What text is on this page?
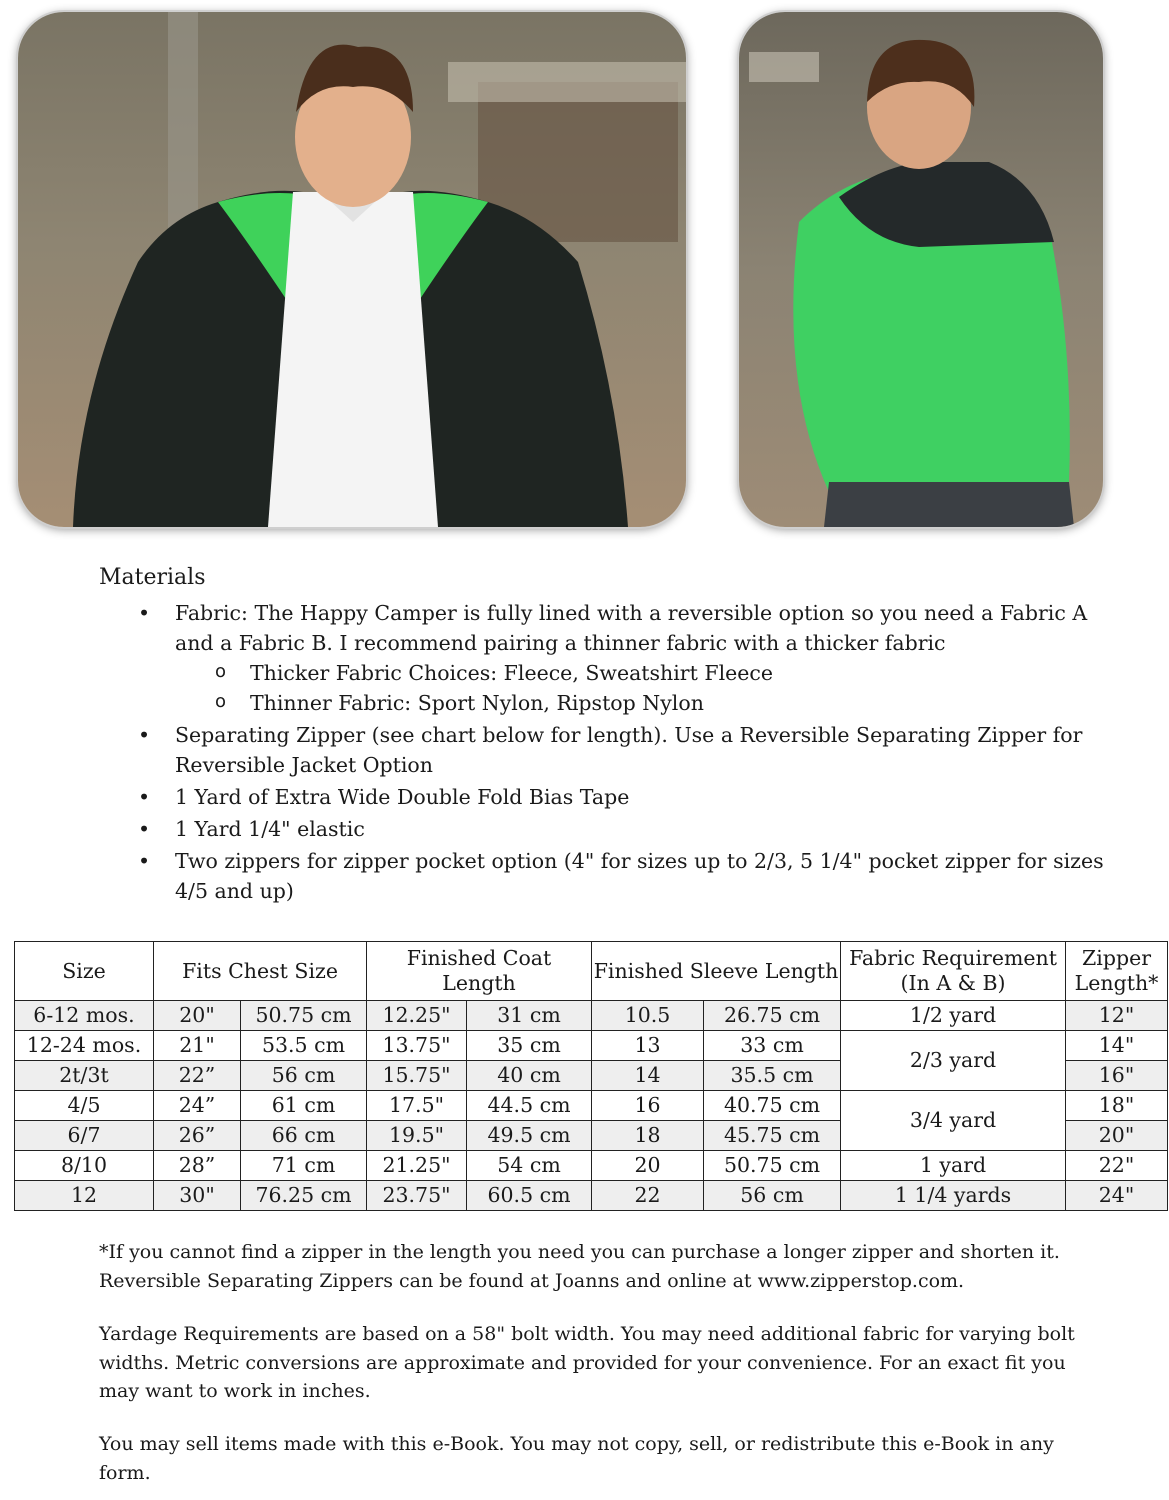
Materials
• Fabric: The Happy Camper is fully lined with a reversible option so you need a Fabric A and a Fabric B. I recommend pairing a thinner fabric with a thicker fabric
o Thicker Fabric Choices: Fleece, Sweatshirt Fleece
o Thinner Fabric: Sport Nylon, Ripstop Nylon
• Separating Zipper (see chart below for length). Use a Reversible Separating Zipper for Reversible Jacket Option
• 1 Yard of Extra Wide Double Fold Bias Tape
• 1 Yard 1/4" elastic
• Two zippers for zipper pocket option (4" for sizes up to 2/3, 5 1/4" pocket zipper for sizes 4/5 and up)
Size	Fits Chest Size		Finished Coat Length		Finished Sleeve Length		Fabric Requirement (In A & B)	Zipper Length*
6-12 mos.	20"	50.75 cm	12.25"	31 cm	10.5	26.75 cm	1/2 yard	12"
12-24 mos.	21"	53.5 cm	13.75"	35 cm	13	33 cm	2/3 yard	14"
2t/3t	22”	56 cm	15.75"	40 cm	14	35.5 cm		16"
4/5	24”	61 cm	17.5"	44.5 cm	16	40.75 cm	3/4 yard	18"
6/7	26”	66 cm	19.5"	49.5 cm	18	45.75 cm		20"
8/10	28”	71 cm	21.25"	54 cm	20	50.75 cm	1 yard	22"
12	30"	76.25 cm	23.75"	60.5 cm	22	56 cm	1 1/4 yards	24"
*If you cannot find a zipper in the length you need you can purchase a longer zipper and shorten it. Reversible Separating Zippers can be found at Joanns and online at www.zipperstop.com.
Yardage Requirements are based on a 58" bolt width. You may need additional fabric for varying bolt widths. Metric conversions are approximate and provided for your convenience. For an exact fit you may want to work in inches.
You may sell items made with this e-Book. You may not copy, sell, or redistribute this e-Book in any form.
